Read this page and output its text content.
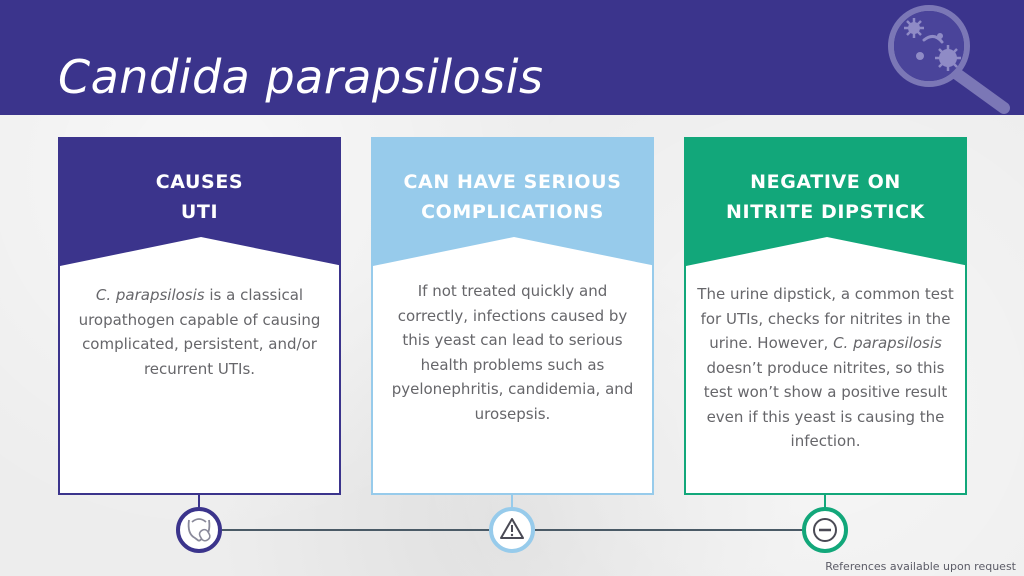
Candida parapsilosis
CAUSES
UTI
C. parapsilosis is a classical uropathogen capable of causing complicated, persistent, and/or recurrent UTIs.
CAN HAVE SERIOUS
COMPLICATIONS
If not treated quickly and correctly, infections caused by this yeast can lead to serious health problems such as pyelonephritis, candidemia, and urosepsis.
NEGATIVE ON
NITRITE DIPSTICK
The urine dipstick, a common test for UTIs, checks for nitrites in the urine. However, C. parapsilosis doesn’t produce nitrites, so this test won’t show a positive result even if this yeast is causing the infection.
References available upon request
